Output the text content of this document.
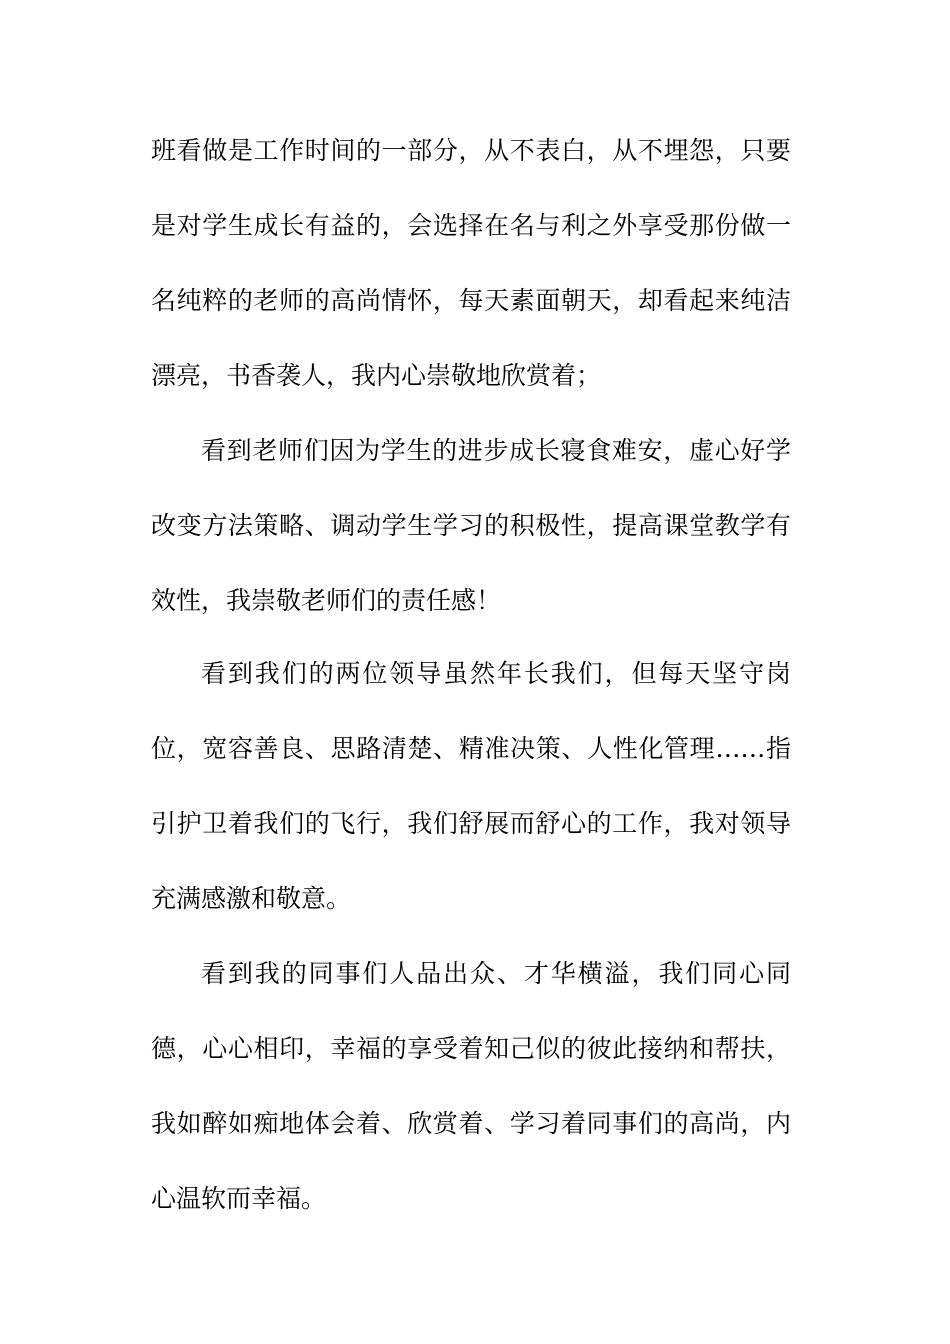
班看做是工作时间的一部分，从不表白，从不埋怨，只要
是对学生成长有益的，会选择在名与利之外享受那份做一
名纯粹的老师的高尚情怀，每天素面朝天，却看起来纯洁
漂亮，书香袭人，我内心崇敬地欣赏着；
看到老师们因为学生的进步成长寝食难安，虚心好学
改变方法策略、调动学生学习的积极性，提高课堂教学有
效性，我崇敬老师们的责任感！
看到我们的两位领导虽然年长我们，但每天坚守岗
位，宽容善良、思路清楚、精准决策、人性化管理……指
引护卫着我们的飞行，我们舒展而舒心的工作，我对领导
充满感激和敬意。
看到我的同事们人品出众、才华横溢，我们同心同
德，心心相印，幸福的享受着知己似的彼此接纳和帮扶，
我如醉如痴地体会着、欣赏着、学习着同事们的高尚，内
心温软而幸福。
